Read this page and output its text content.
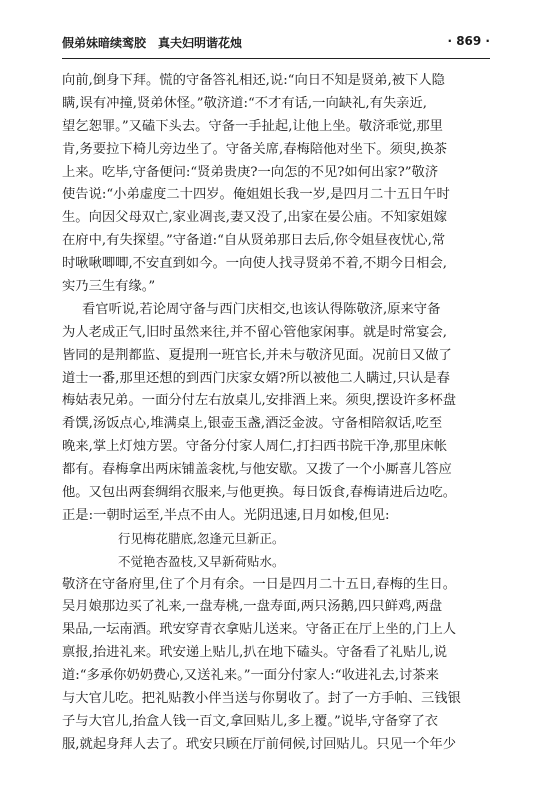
假弟妹暗续鸾胶　真夫妇明谐花烛	· 869 ·
向前,倒身下拜。慌的守备答礼相还,说:“向日不知是贤弟,被下人隐
瞒,误有冲撞,贤弟休怪。”敬济道:“不才有话,一向缺礼,有失亲近,
望乞恕罪。”又磕下头去。守备一手扯起,让他上坐。敬济乖觉,那里
肯,务要拉下椅儿旁边坐了。守备关席,春梅陪他对坐下。须臾,换茶
上来。吃毕,守备便问:“贤弟贵庚?一向怎的不见?如何出家?”敬济
使告说:“小弟虚度二十四岁。俺姐姐长我一岁,是四月二十五日午时
生。向因父母双亡,家业凋丧,妻又没了,出家在晏公庙。不知家姐嫁
在府中,有失探望。”守备道:“自从贤弟那日去后,你令姐昼夜忧心,常
时啾啾唧唧,不安直到如今。一向使人找寻贤弟不着,不期今日相会,
实乃三生有缘。”
看官听说,若论周守备与西门庆相交,也该认得陈敬济,原来守备
为人老成正气,旧时虽然来往,并不留心管他家闲事。就是时常宴会,
皆同的是荆都监、夏提刑一班官长,并未与敬济见面。况前日又做了
道士一番,那里还想的到西门庆家女婿?所以被他二人瞒过,只认是春
梅姑表兄弟。一面分付左右放桌儿,安排酒上来。须臾,摆设许多杯盘
肴馔,汤饭点心,堆满桌上,银壶玉盏,酒泛金波。守备相陪叙话,吃至
晚来,掌上灯烛方罢。守备分付家人周仁,打扫西书院干净,那里床帐
都有。春梅拿出两床铺盖衾枕,与他安歇。又拨了一个小厮喜儿答应
他。又包出两套绸绢衣服来,与他更换。每日饭食,春梅请进后边吃。
正是:一朝时运至,半点不由人。光阴迅速,日月如梭,但见:
行见梅花腊底,忽逢元旦新正。
不觉艳杏盈枝,又早新荷贴水。
敬济在守备府里,住了个月有余。一日是四月二十五日,春梅的生日。
吴月娘那边买了礼来,一盘寿桃,一盘寿面,两只汤鹅,四只鲜鸡,两盘
果品,一坛南酒。玳安穿青衣拿贴儿送来。守备正在厅上坐的,门上人
禀报,抬进礼来。玳安递上贴儿,扒在地下磕头。守备看了礼贴儿,说
道:“多承你奶奶费心,又送礼来。”一面分付家人:“收进礼去,讨茶来
与大官儿吃。把礼贴教小伴当送与你舅收了。封了一方手帕、三钱银
子与大官儿,抬盒人钱一百文,拿回贴儿,多上覆。”说毕,守备穿了衣
服,就起身拜人去了。玳安只顾在厅前伺候,讨回贴儿。只见一个年少
